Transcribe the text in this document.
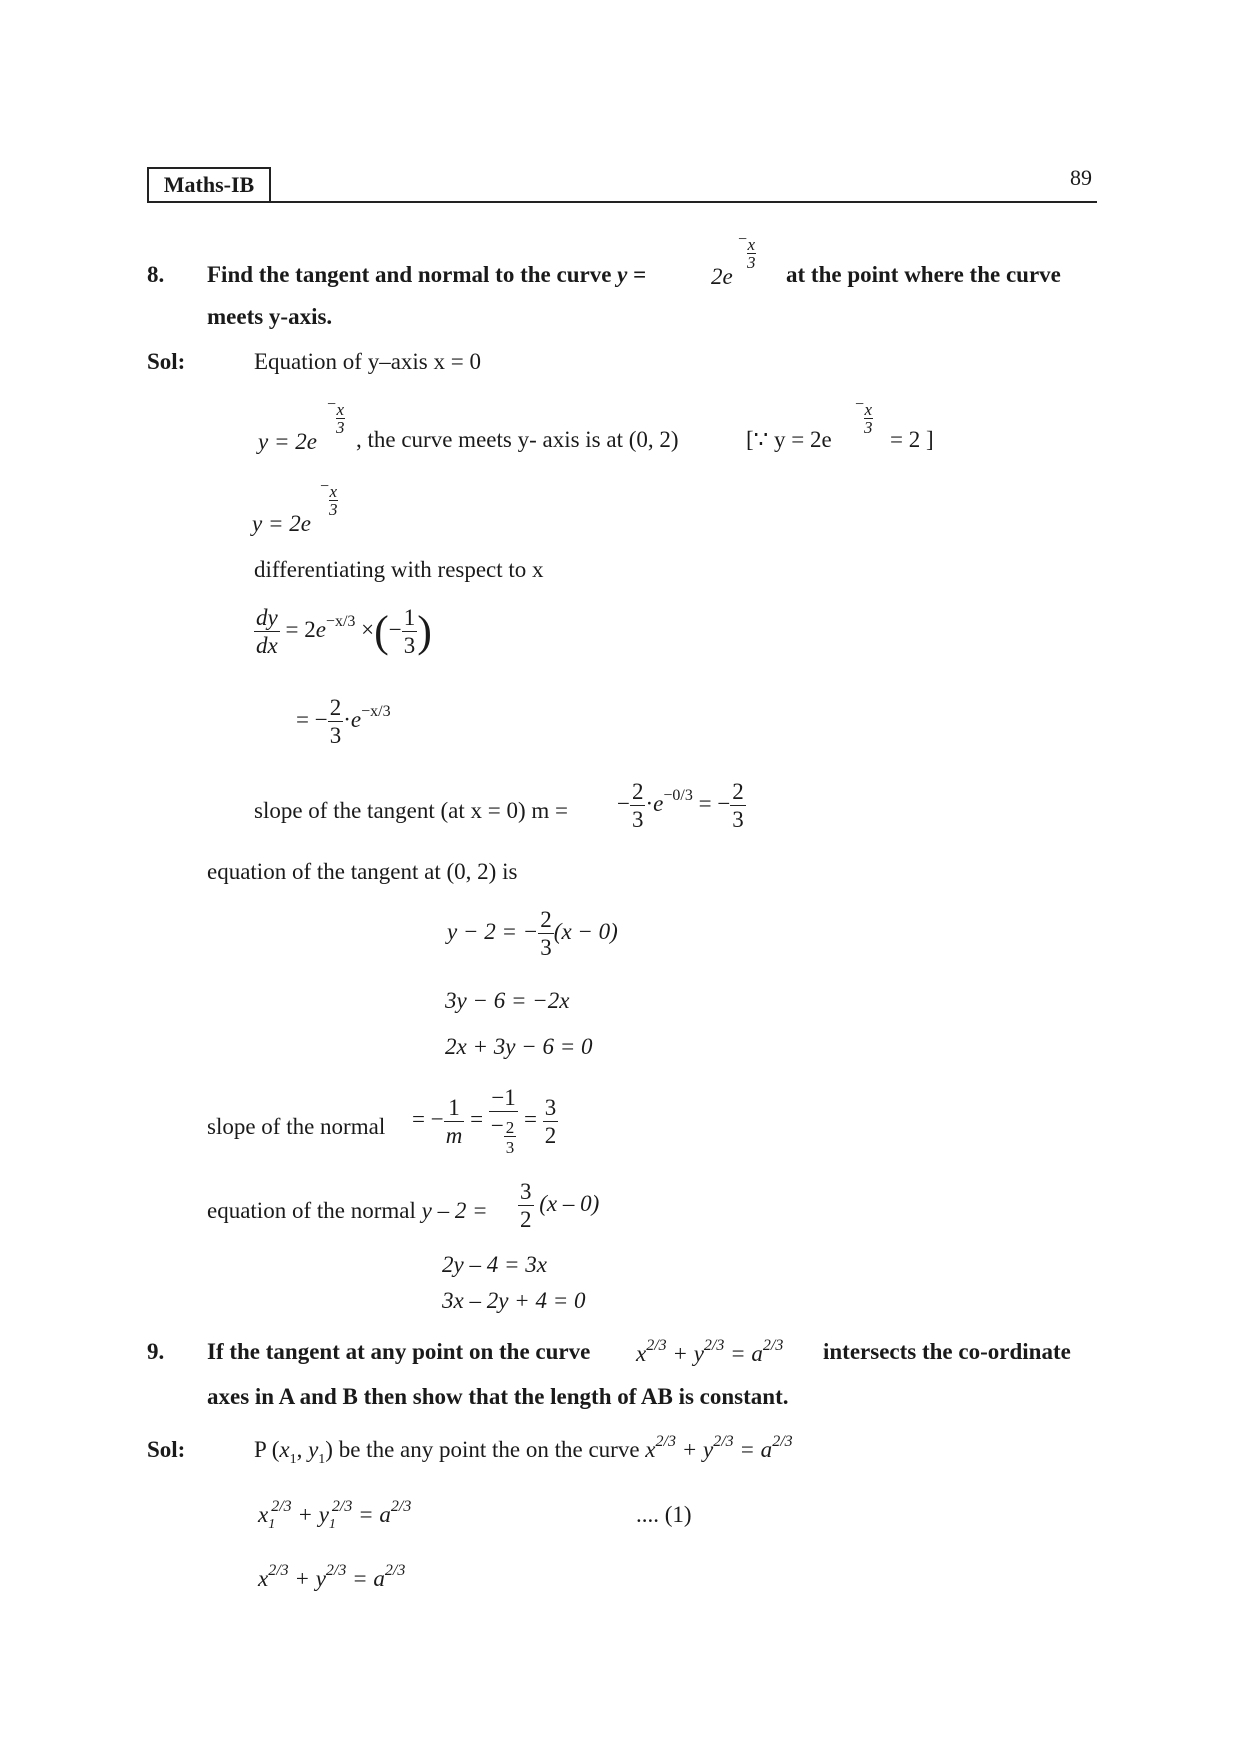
Maths-IB	89
8. Find the tangent and normal to the curve y =	2e
− $\frac{x}{3}$
at the point where the curve
meets y-axis.
Sol:	Equation of y–axis x = 0
y = 2e
− $\frac{x}{3}$
, the curve meets y- axis is at (0, 2)	[∵ y = 2e
− $\frac{x}{3}$
= 2 ]
y = 2e
− $\frac{x}{3}$
differentiating with respect to x
$\frac{dy}{dx} = 2e^{-x/3}$ ×(− $\frac{1}{3}$ )
= − $\frac{2}{3} \cdot e^{-x/3}$
slope of the tangent (at x = 0) m = − $\frac{2}{3} \cdot e^{-0/3}$ = − $\frac{2}{3}$
equation of the tangent at (0, 2) is
y − 2 = − $\frac{2}{3} (x - 0)$
3y − 6 = −2x
2x + 3y − 6 = 0
slope of the normal = − $\frac{1}{m} = \frac{-1}{- \frac{2}{3}} = \frac{3}{2}$
equation of the normal $y - 2 = \frac{3}{2} (x - 0)$
2y – 4 = 3x
3x – 2y + 4 = 0
9. If the tangent at any point on the curve $x^{2/3} + y^{2/3} = a^{2/3}$ intersects the co-ordinate
axes in A and B then show that the length of AB is constant.
Sol:	P ($x_1$, $y_1$) be the any point the on the curve $x^{2/3} + y^{2/3} = a^{2/3}$
$x_1^{2/3} + y_1^{2/3} = a^{2/3}$	.... (1)
$x^{2/3} + y^{2/3} = a^{2/3}$
